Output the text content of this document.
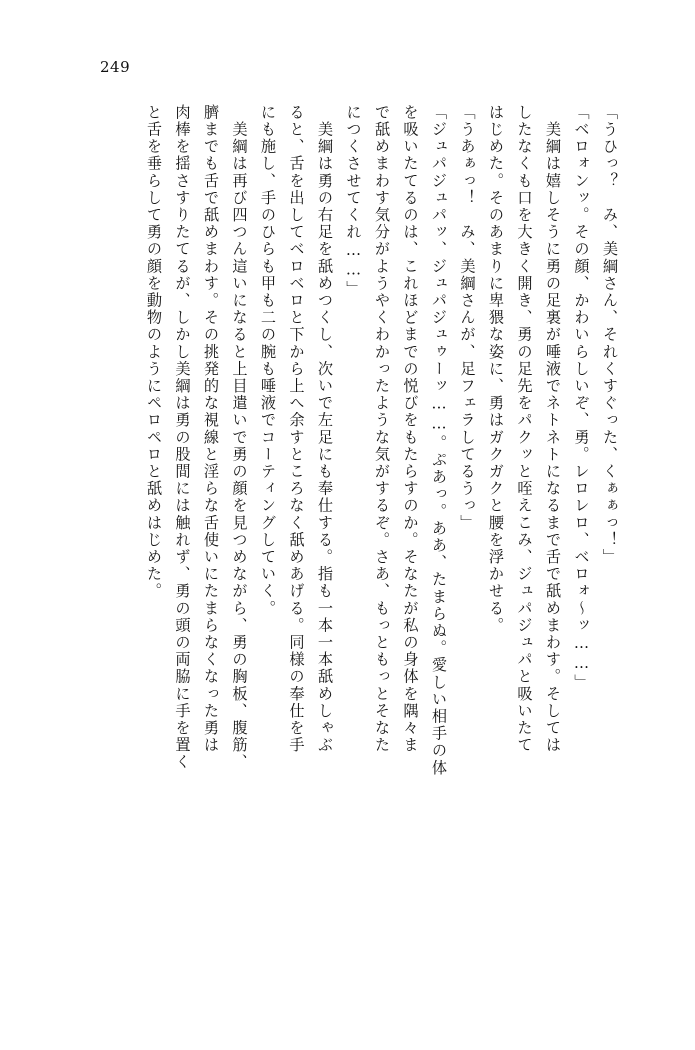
249
「うひっ？　み、美綱さん、それくすぐった、くぁぁっ！」
「ベロォンッ。その顔、かわいらしいぞ、勇。レロレロ、ベロォ～ッ……」
　美綱は嬉しそうに勇の足裏が唾液でネトネトになるまで舌で舐めまわす。そしては
したなくも口を大きく開き、勇の足先をパクッと咥えこみ、ジュパジュパと吸いたて
はじめた。そのあまりに卑猥な姿に、勇はガクガクと腰を浮かせる。
「うあぁっ！　み、美綱さんが、足フェラしてるうっ」
「ジュパジュパッ、ジュパジュゥーッ……。ぷあっ。ああ、たまらぬ。愛しい相手の体
を吸いたてるのは、これほどまでの悦びをもたらすのか。そなたが私の身体を隅々ま
で舐めまわす気分がようやくわかったような気がするぞ。さあ、もっともっとそなた
につくさせてくれ……」
　美綱は勇の右足を舐めつくし、次いで左足にも奉仕する。指も一本一本舐めしゃぶ
ると、舌を出してベロベロと下から上へ余すところなく舐めあげる。同様の奉仕を手
にも施し、手のひらも甲も二の腕も唾液でコーティングしていく。
　美綱は再び四つん這いになると上目遣いで勇の顔を見つめながら、勇の胸板、腹筋、
臍までも舌で舐めまわす。その挑発的な視線と淫らな舌使いにたまらなくなった勇は
肉棒を揺さすりたてるが、しかし美綱は勇の股間には触れず、勇の頭の両脇に手を置く
と舌を垂らして勇の顔を動物のようにペロペロと舐めはじめた。
